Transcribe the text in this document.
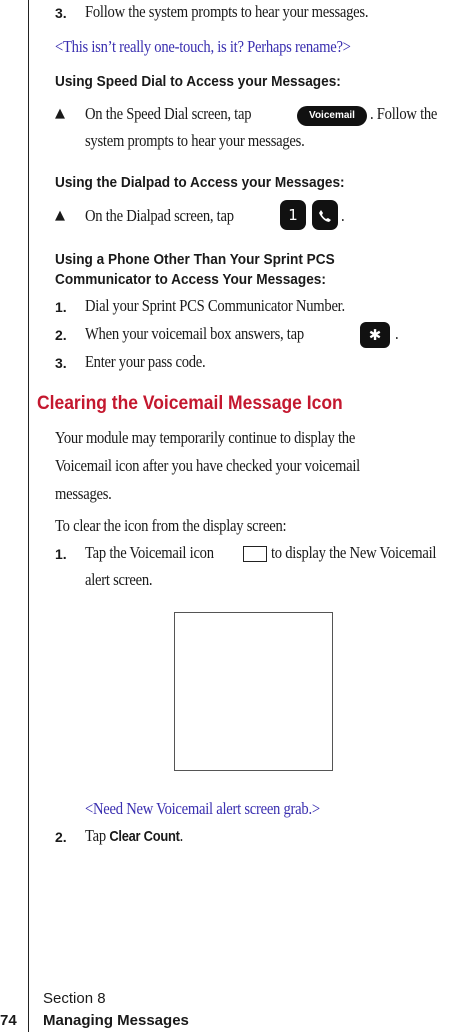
3. Follow the system prompts to hear your messages.
<This isn’t really one-touch, is it? Perhaps rename?>
Using Speed Dial to Access your Messages:
▲ On the Speed Dial screen, tap	Voicemail . Follow the
system prompts to hear your messages.
Using the Dialpad to Access your Messages:
▲ On the Dialpad screen, tap	1	.
Using a Phone Other Than Your Sprint PCS
Communicator to Access Your Messages:
1. Dial your Sprint PCS Communicator Number.
2. When your voicemail box answers, tap	✱ .
3. Enter your pass code.
Clearing the Voicemail Message Icon
Your module may temporarily continue to display the
Voicemail icon after you have checked your voicemail
messages.
To clear the icon from the display screen:
1. Tap the Voicemail icon	to display the New Voicemail
alert screen.
<Need New Voicemail alert screen grab.>
2. Tap Clear Count.
Section 8
74 Managing Messages
